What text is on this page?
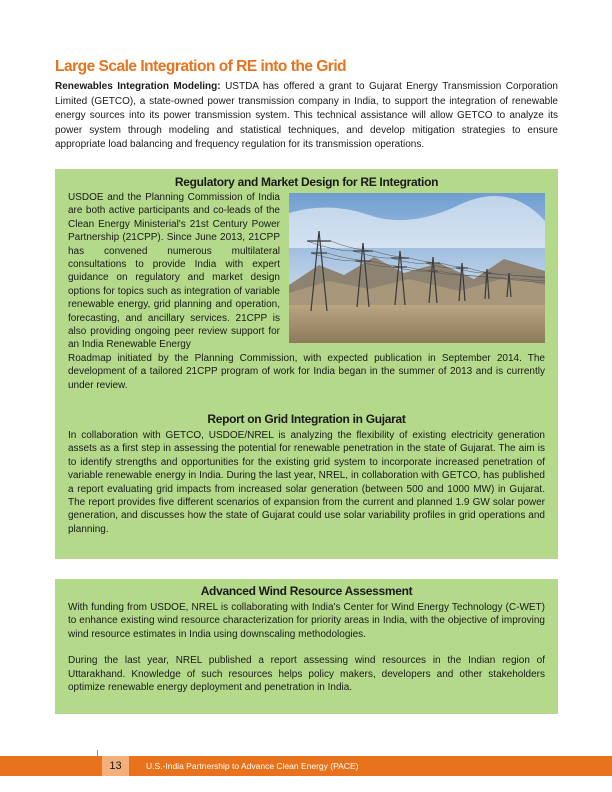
Large Scale Integration of RE into the Grid

Renewables Integration Modeling: USTDA has offered a grant to Gujarat Energy Transmission Corporation Limited (GETCO), a state-owned power transmission company in India, to support the integration of renewable energy sources into its power transmission system. This technical assistance will allow GETCO to analyze its power system through modeling and statistical techniques, and develop mitigation strategies to ensure appropriate load balancing and frequency regulation for its transmission operations.

Regulatory and Market Design for RE Integration

USDOE and the Planning Commission of India are both active participants and co-leads of the Clean Energy Ministerial's 21st Century Power Partnership (21CPP). Since June 2013, 21CPP has convened numerous multilateral consultations to provide India with expert guidance on regulatory and market design options for topics such as integration of variable renewable energy, grid planning and operation, forecasting, and ancillary services. 21CPP is also providing ongoing peer review support for an India Renewable Energy

Roadmap initiated by the Planning Commission, with expected publication in September 2014. The development of a tailored 21CPP program of work for India began in the summer of 2013 and is currently under review.

Report on Grid Integration in Gujarat

In collaboration with GETCO, USDOE/NREL is analyzing the flexibility of existing electricity generation assets as a first step in assessing the potential for renewable penetration in the state of Gujarat. The aim is to identify strengths and opportunities for the existing grid system to incorporate increased penetration of variable renewable energy in India. During the last year, NREL, in collaboration with GETCO, has published a report evaluating grid impacts from increased solar generation (between 500 and 1000 MW) in Gujarat. The report provides five different scenarios of expansion from the current and planned 1.9 GW solar power generation, and discusses how the state of Gujarat could use solar variability profiles in grid operations and planning.

Advanced Wind Resource Assessment

With funding from USDOE, NREL is collaborating with India's Center for Wind Energy Technology (C-WET) to enhance existing wind resource characterization for priority areas in India, with the objective of improving wind resource estimates in India using downscaling methodologies.

During the last year, NREL published a report assessing wind resources in the Indian region of Uttarakhand. Knowledge of such resources helps policy makers, developers and other stakeholders optimize renewable energy deployment and penetration in India.

13	U.S.-India Partnership to Advance Clean Energy (PACE)
